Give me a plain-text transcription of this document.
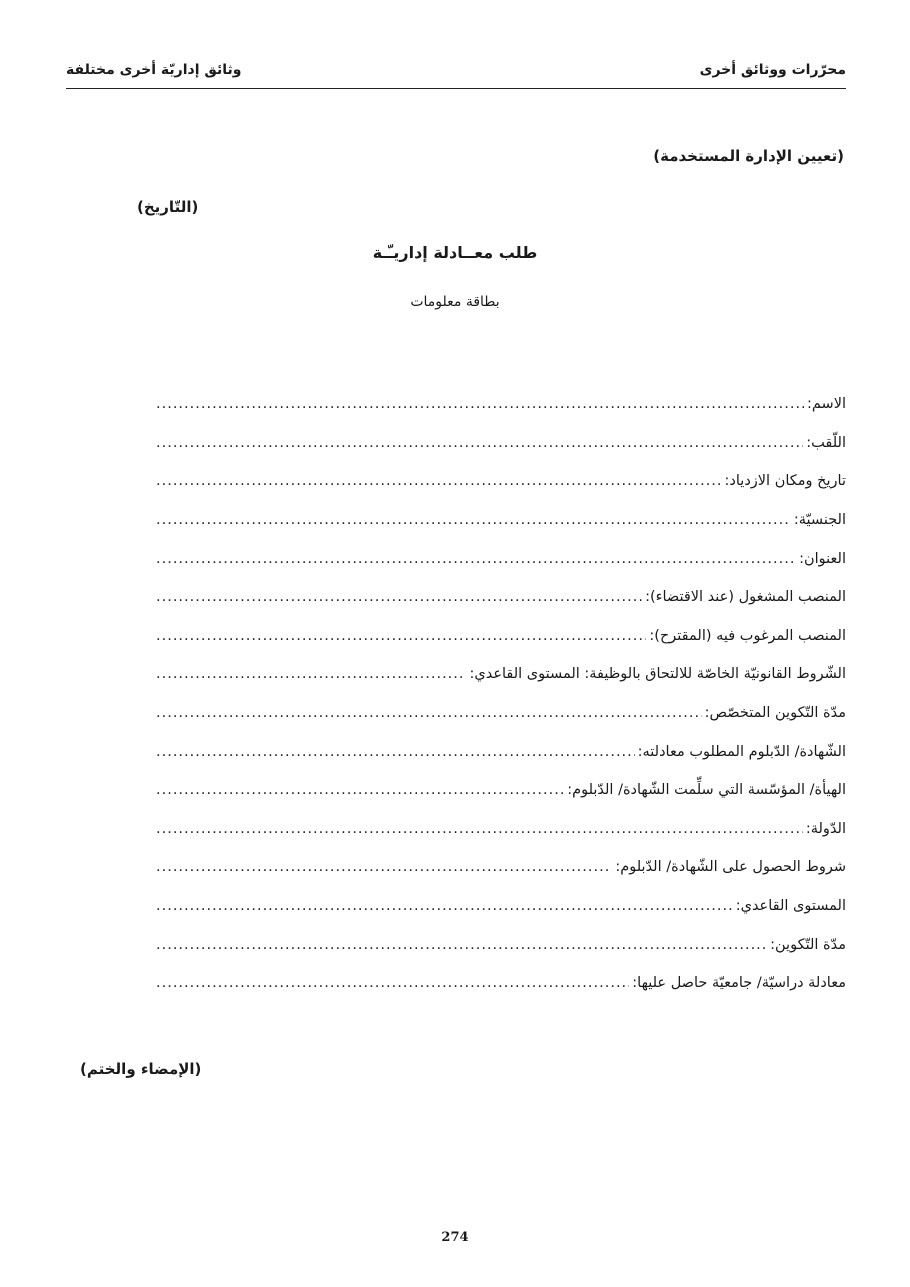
محرّرات ووثائق أخرى
وثائق إداريّة أخرى مختلفة
(تعيين الإدارة المستخدمة)
(التّاريخ)
طلب معــادلة إداريـّـة
بطاقة معلومات
الاسم:
.....
اللّقب:
.....
تاريخ ومكان الازدياد:
.....
الجنسيّة:
.....
العنوان:
.....
المنصب المشغول (عند الاقتضاء):
.....
المنصب المرغوب فيه (المقترح):
.....
الشّروط القانونيّة الخاصّة للالتحاق بالوظيفة: المستوى القاعدي:
.....
مدّة التّكوين المتخصّص:
.....
الشّهادة/ الدّبلوم المطلوب معادلته:
.....
الهيأة/ المؤسّسة التي سلِّمت الشّهادة/ الدّبلوم:
.....
الدّولة:
.....
شروط الحصول على الشّهادة/ الدّبلوم:
.....
المستوى القاعدي:
.....
مدّة التّكوين:
.....
معادلة دراسيّة/ جامعيّة حاصل عليها:
.....
(الإمضاء والختم)
274
